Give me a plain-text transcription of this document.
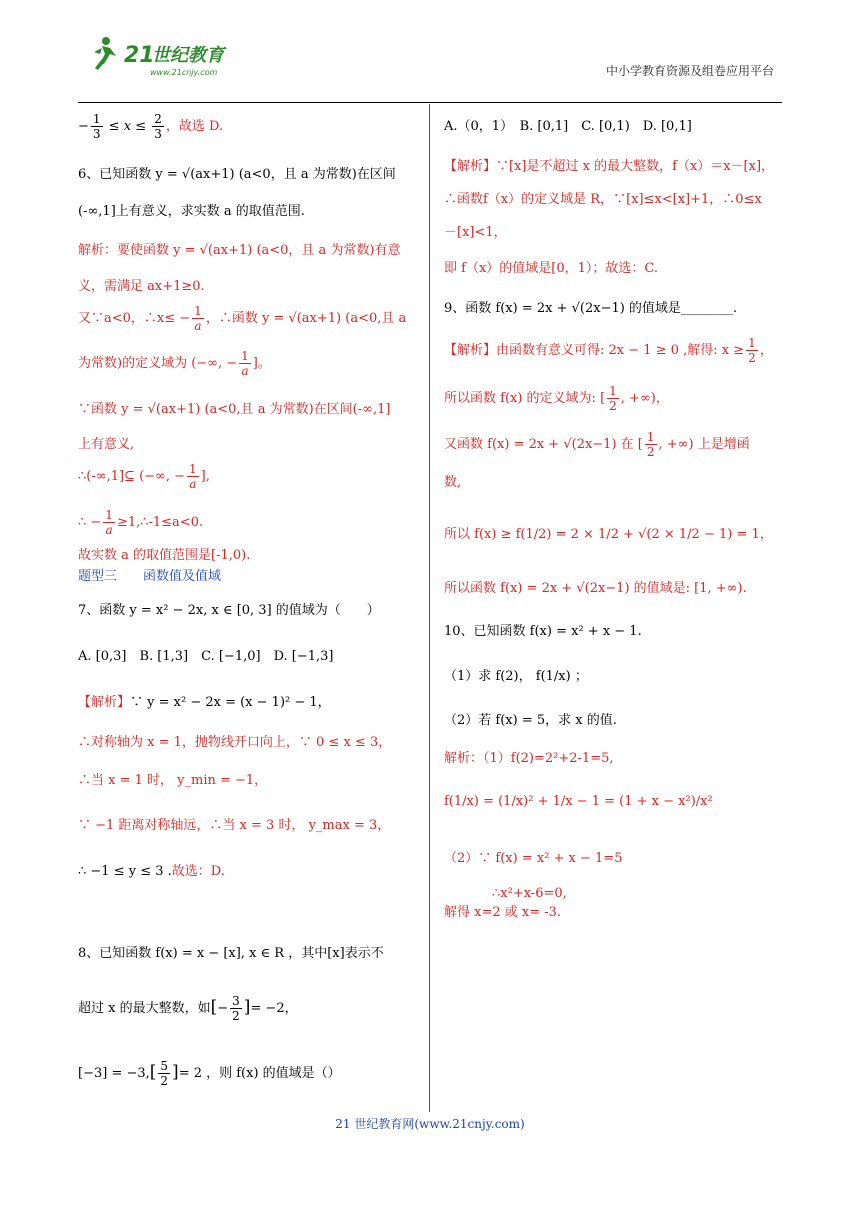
21
世纪教育
www.21cnjy.com	中小学教育资源及组卷应用平台
− $\frac{1}{3} \le x \le \frac{2}{3}$ ，故选 D.
6、已知函数 y = √(ax+1) (a<0，且 a 为常数)在区间
(-∞,1]上有意义，求实数 a 的取值范围.
解析：要使函数 y = √(ax+1) (a<0，且 a 为常数)有意
义，需满足 ax+1≥0.
又∵a<0，∴x≤ − $\frac{1}{a}$ ，∴函数 y = √(ax+1) (a<0,且 a
为常数)的定义域为 (−∞, − $\frac{1}{a}$ ]。
∵函数 y = √(ax+1) (a<0,且 a 为常数)在区间(-∞,1]
上有意义,
∴(-∞,1]⊆ (−∞, − $\frac{1}{a}$ ],
∴ − $\frac{1}{a}$ ≥1,∴-1≤a<0.
故实数 a 的取值范围是[-1,0).
题型三　　函数值及值域
7、函数 y = x² − 2x, x ∈ [0, 3] 的值域为（　　）
A. [0,3]　B. [1,3]　C. [−1,0]　D. [−1,3]
【解析】∵ y = x² − 2x = (x − 1)² − 1，
∴对称轴为 x = 1，抛物线开口向上，∵ 0 ≤ x ≤ 3，
∴当 x = 1 时， y_min = −1，
∵ −1 距离对称轴远，∴当 x = 3 时， y_max = 3，
∴ −1 ≤ y ≤ 3 .故选：D.
8、已知函数 f(x) = x − [x], x ∈ R ，其中[x]表示不
超过 x 的最大整数，如[− $\frac{3}{2}$ ]= −2，
$[-3] = -3,[ \frac{5}{2}$ ]= 2 ，则 f(x) 的值域是（）
A.（0，1）　B. [0,1]　C. [0,1)　D. [0,1]
【解析】∵[x]是不超过 x 的最大整数，f（x）＝x－[x]，
∴函数f（x）的定义域是 R，∵[x]≤x<[x]+1，∴0≤x
－[x]<1，
即 f（x）的值域是[0，1）；故选：C.
9、函数 f(x) = 2x + √(2x−1) 的值域是________.
【解析】由函数有意义可得: 2x − 1 ≥ 0 ,解得: $x \ge \frac{1}{2}$ ，
所以函数 f(x) 的定义域为: [ $\frac{1}{2}$ , +∞)，
又函数 f(x) = 2x + √(2x−1) 在 [ $\frac{1}{2}$ , +∞) 上是增函
数,
所以 f(x) ≥ f(1/2) = 2 × 1/2 + √(2 × 1/2 − 1) = 1，
所以函数 f(x) = 2x + √(2x−1) 的值域是: [1, +∞).
10、已知函数 f(x) = x² + x − 1.
（1）求 f(2)， f(1/x) ；
（2）若 f(x) = 5，求 x 的值.
解析：（1）f(2)=2²+2-1=5,
f(1/x) = (1/x)² + 1/x − 1 = (1 + x − x²)/x²
（2）∵ f(x) = x² + x − 1=5
∴x²+x-6=0,
解得 x=2 或 x= -3.
21 世纪教育网(www.21cnjy.com)
